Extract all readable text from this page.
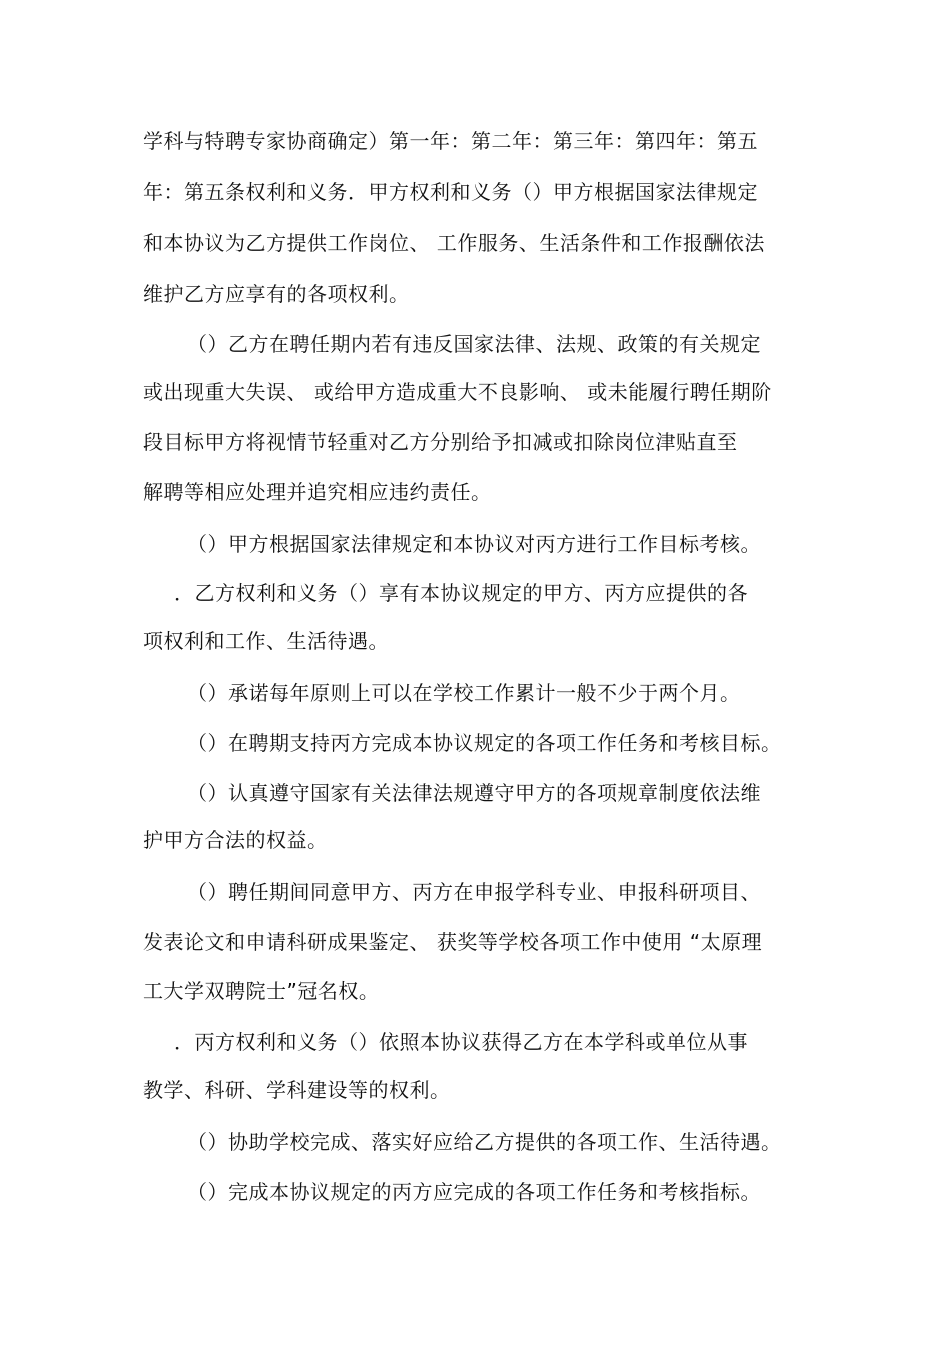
学科与特聘专家协商确定）第一年：第二年：第三年：第四年：第五
年：第五条权利和义务．甲方权利和义务（）甲方根据国家法律规定
和本协议为乙方提供工作岗位、 工作服务、生活条件和工作报酬依法
维护乙方应享有的各项权利。
（）乙方在聘任期内若有违反国家法律、法规、政策的有关规定
或出现重大失误、 或给甲方造成重大不良影响、 或未能履行聘任期阶
段目标甲方将视情节轻重对乙方分别给予扣减或扣除岗位津贴直至
解聘等相应处理并追究相应违约责任。
（）甲方根据国家法律规定和本协议对丙方进行工作目标考核。
．乙方权利和义务（）享有本协议规定的甲方、丙方应提供的各
项权利和工作、生活待遇。
（）承诺每年原则上可以在学校工作累计一般不少于两个月。
（）在聘期支持丙方完成本协议规定的各项工作任务和考核目标。
（）认真遵守国家有关法律法规遵守甲方的各项规章制度依法维
护甲方合法的权益。
（）聘任期间同意甲方、丙方在申报学科专业、申报科研项目、
发表论文和申请科研成果鉴定、 获奖等学校各项工作中使用 “太原理
工大学双聘院士”冠名权。
．丙方权利和义务（）依照本协议获得乙方在本学科或单位从事
教学、科研、学科建设等的权利。
（）协助学校完成、落实好应给乙方提供的各项工作、生活待遇。
（）完成本协议规定的丙方应完成的各项工作任务和考核指标。
